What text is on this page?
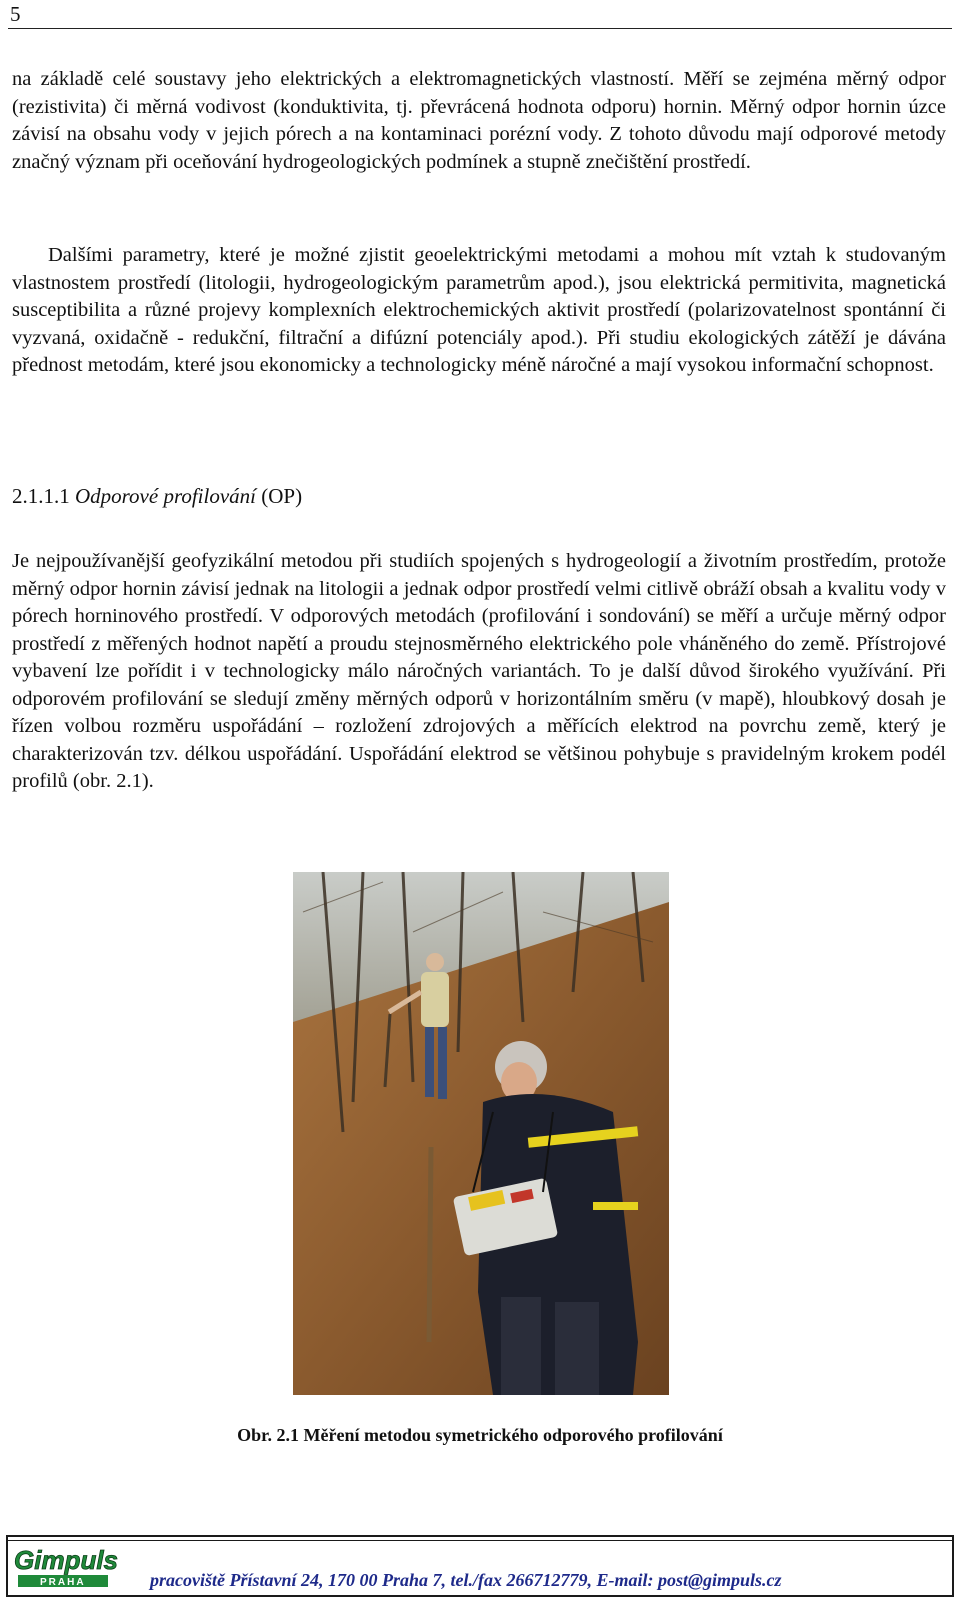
5

na základě celé soustavy jeho elektrických a elektromagnetických vlastností. Měří se zejména měrný odpor (rezistivita) či měrná vodivost (konduktivita, tj. převrácená hodnota odporu) hornin. Měrný odpor hornin úzce závisí na obsahu vody v jejich pórech a na kontaminaci porézní vody. Z tohoto důvodu mají odporové metody značný význam při oceňování hydrogeologických podmínek a stupně znečištění prostředí.

Dalšími parametry, které je možné zjistit geoelektrickými metodami a mohou mít vztah k studovaným vlastnostem prostředí (litologii, hydrogeologickým parametrům apod.), jsou elektrická permitivita, magnetická susceptibilita a různé projevy komplexních elektrochemických aktivit prostředí (polarizovatelnost spontánní či vyzvaná, oxidačně - redukční, filtrační a difúzní potenciály apod.). Při studiu ekologických zátěží je dávána přednost metodám, které jsou ekonomicky a technologicky méně náročné a mají vysokou informační schopnost.

2.1.1.1 Odporové profilování (OP)

Je nejpoužívanější geofyzikální metodou při studiích spojených s hydrogeologií a životním prostředím, protože měrný odpor hornin závisí jednak na litologii a jednak odpor prostředí velmi citlivě obráží obsah a kvalitu vody v pórech horninového prostředí. V odporových metodách (profilování i sondování) se měří a určuje měrný odpor prostředí z měřených hodnot napětí a proudu stejnosměrného elektrického pole vháněného do země. Přístrojové vybavení lze pořídit i v technologicky málo náročných variantách. To je další důvod širokého využívání. Při odporovém profilování se sledují změny měrných odporů v horizontálním směru (v mapě), hloubkový dosah je řízen volbou rozměru uspořádání – rozložení zdrojových a měřících elektrod na povrchu země, který je charakterizován tzv. délkou uspořádání. Uspořádání elektrod se většinou pohybuje s pravidelným krokem podél profilů (obr. 2.1).

Obr. 2.1 Měření metodou symetrického odporového profilování
Gimpuls
PRAHA	pracoviště Přístavní 24, 170 00 Praha 7, tel./fax 266712779, E-mail: post@gimpuls.cz
